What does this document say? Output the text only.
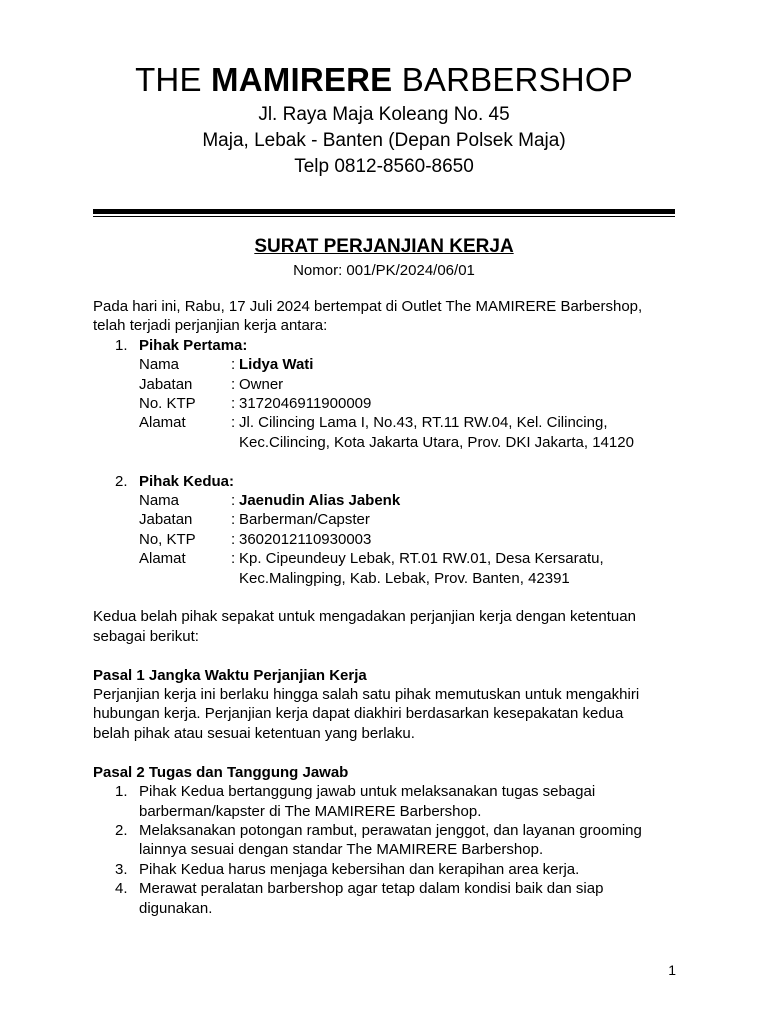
THE MAMIRERE BARBERSHOP
Jl. Raya Maja Koleang No. 45
Maja, Lebak - Banten (Depan Polsek Maja)
Telp 0812-8560-8650
SURAT PERJANJIAN KERJA
Nomor: 001/PK/2024/06/01

Pada hari ini, Rabu, 17 Juli 2024 bertempat di Outlet The MAMIRERE Barbershop,

telah terjadi perjanjian kerja antara:

1. Pihak Pertama:
Nama	: Lidya Wati
Jabatan	: Owner
No. KTP	: 3172046911900009
Alamat	: Jl. Cilincing Lama I, No.43, RT.11 RW.04, Kel. Cilincing,
Kec.Cilincing, Kota Jakarta Utara, Prov. DKI Jakarta, 14120
2. Pihak Kedua:
Nama	: Jaenudin Alias Jabenk
Jabatan	: Barberman/Capster
No, KTP	: 3602012110930003
Alamat	: Kp. Cipeundeuy Lebak, RT.01 RW.01, Desa Kersaratu,
Kec.Malingping, Kab. Lebak, Prov. Banten, 42391

Kedua belah pihak sepakat untuk mengadakan perjanjian kerja dengan ketentuan

sebagai berikut:

Pasal 1 Jangka Waktu Perjanjian Kerja

Perjanjian kerja ini berlaku hingga salah satu pihak memutuskan untuk mengakhiri

hubungan kerja. Perjanjian kerja dapat diakhiri berdasarkan kesepakatan kedua

belah pihak atau sesuai ketentuan yang berlaku.

Pasal 2 Tugas dan Tanggung Jawab

1. Pihak Kedua bertanggung jawab untuk melaksanakan tugas sebagai
barberman/kapster di The MAMIRERE Barbershop.
2. Melaksanakan potongan rambut, perawatan jenggot, dan layanan grooming
lainnya sesuai dengan standar The MAMIRERE Barbershop.
3. Pihak Kedua harus menjaga kebersihan dan kerapihan area kerja.
4. Merawat peralatan barbershop agar tetap dalam kondisi baik dan siap
digunakan.
1
